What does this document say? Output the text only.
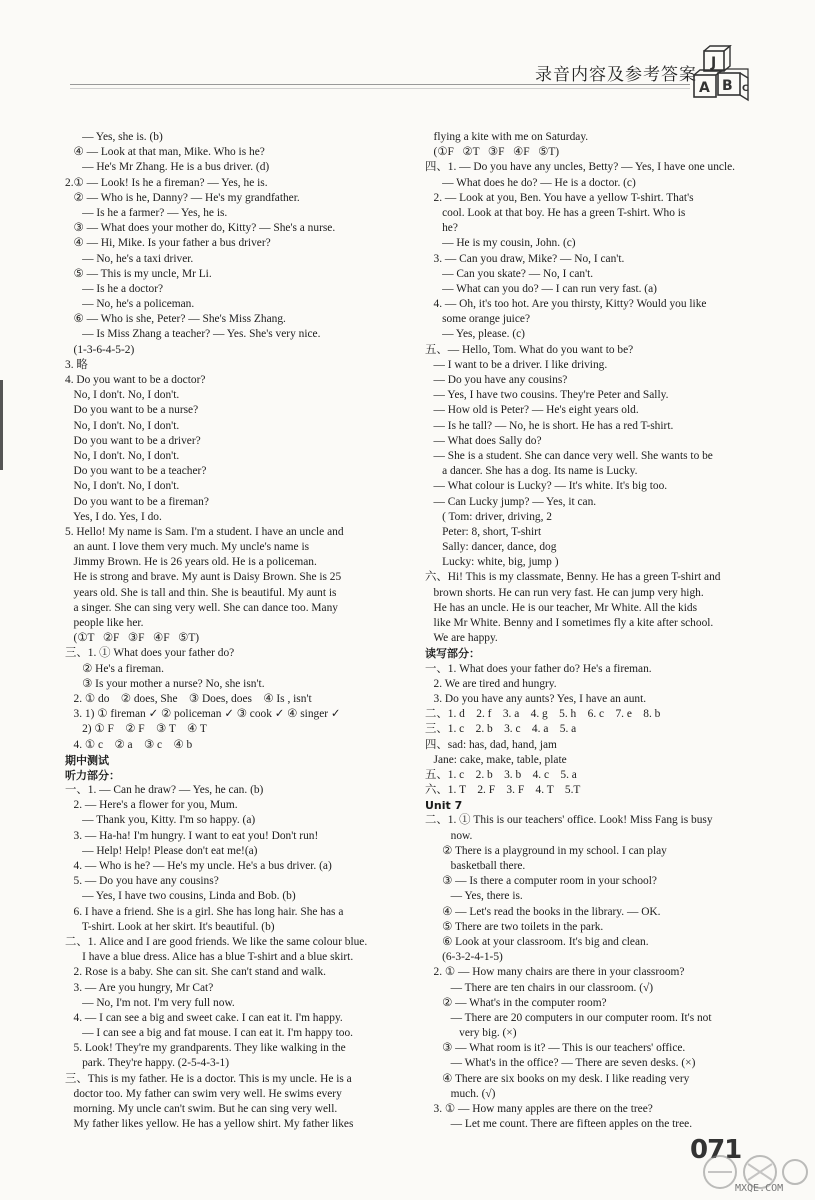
录音内容及参考答案
J
A B C
— Yes, she is. (b)
④ — Look at that man, Mike. Who is he?
— He's Mr Zhang. He is a bus driver. (d)
2.① — Look! Is he a fireman? — Yes, he is.
② — Who is he, Danny? — He's my grandfather.
— Is he a farmer? — Yes, he is.
③ — What does your mother do, Kitty? — She's a nurse.
④ — Hi, Mike. Is your father a bus driver?
— No, he's a taxi driver.
⑤ — This is my uncle, Mr Li.
— Is he a doctor?
— No, he's a policeman.
⑥ — Who is she, Peter? — She's Miss Zhang.
— Is Miss Zhang a teacher? — Yes. She's very nice.
(1-3-6-4-5-2)
3. 略
4. Do you want to be a doctor?
No, I don't. No, I don't.
Do you want to be a nurse?
No, I don't. No, I don't.
Do you want to be a driver?
No, I don't. No, I don't.
Do you want to be a teacher?
No, I don't. No, I don't.
Do you want to be a fireman?
Yes, I do. Yes, I do.
5. Hello! My name is Sam. I'm a student. I have an uncle and
an aunt. I love them very much. My uncle's name is
Jimmy Brown. He is 26 years old. He is a policeman.
He is strong and brave. My aunt is Daisy Brown. She is 25
years old. She is tall and thin. She is beautiful. My aunt is
a singer. She can sing very well. She can dance too. Many
people like her.
(①T   ②F   ③F   ④F   ⑤T)
三、1. ① What does your father do?
② He's a fireman.
③ Is your mother a nurse? No, she isn't.
2. ① do    ② does, She    ③ Does, does    ④ Is , isn't
3. 1) ① fireman ✓ ② policeman ✓ ③ cook ✓ ④ singer ✓
2) ① F    ② F    ③ T    ④ T
4. ① c    ② a    ③ c    ④ b
期中测试
听力部分：
一、1. — Can he draw? — Yes, he can. (b)
2. — Here's a flower for you, Mum.
— Thank you, Kitty. I'm so happy. (a)
3. — Ha-ha! I'm hungry. I want to eat you! Don't run!
— Help! Help! Please don't eat me!(a)
4. — Who is he? — He's my uncle. He's a bus driver. (a)
5. — Do you have any cousins?
— Yes, I have two cousins, Linda and Bob. (b)
6. I have a friend. She is a girl. She has long hair. She has a
T-shirt. Look at her skirt. It's beautiful. (b)
二、1. Alice and I are good friends. We like the same colour blue.
I have a blue dress. Alice has a blue T-shirt and a blue skirt.
2. Rose is a baby. She can sit. She can't stand and walk.
3. — Are you hungry, Mr Cat?
— No, I'm not. I'm very full now.
4. — I can see a big and sweet cake. I can eat it. I'm happy.
— I can see a big and fat mouse. I can eat it. I'm happy too.
5. Look! They're my grandparents. They like walking in the
park. They're happy. (2-5-4-3-1)
三、This is my father. He is a doctor. This is my uncle. He is a
doctor too. My father can swim very well. He swims every
morning. My uncle can't swim. But he can sing very well.
My father likes yellow. He has a yellow shirt. My father likes
flying a kite with me on Saturday.
(①F   ②T   ③F   ④F   ⑤T)
四、1. — Do you have any uncles, Betty? — Yes, I have one uncle.
— What does he do? — He is a doctor. (c)
2. — Look at you, Ben. You have a yellow T-shirt. That's
cool. Look at that boy. He has a green T-shirt. Who is
he?
— He is my cousin, John. (c)
3. — Can you draw, Mike? — No, I can't.
— Can you skate? — No, I can't.
— What can you do? — I can run very fast. (a)
4. — Oh, it's too hot. Are you thirsty, Kitty? Would you like
some orange juice?
— Yes, please. (c)
五、— Hello, Tom. What do you want to be?
— I want to be a driver. I like driving.
— Do you have any cousins?
— Yes, I have two cousins. They're Peter and Sally.
— How old is Peter? — He's eight years old.
— Is he tall? — No, he is short. He has a red T-shirt.
— What does Sally do?
— She is a student. She can dance very well. She wants to be
a dancer. She has a dog. Its name is Lucky.
— What colour is Lucky? — It's white. It's big too.
— Can Lucky jump? — Yes, it can.
( Tom: driver, driving, 2
Peter: 8, short, T-shirt
Sally: dancer, dance, dog
Lucky: white, big, jump )
六、Hi! This is my classmate, Benny. He has a green T-shirt and
brown shorts. He can run very fast. He can jump very high.
He has an uncle. He is our teacher, Mr White. All the kids
like Mr White. Benny and I sometimes fly a kite after school.
We are happy.
读写部分：
一、1. What does your father do? He's a fireman.
2. We are tired and hungry.
3. Do you have any aunts? Yes, I have an aunt.
二、1. d    2. f    3. a    4. g    5. h    6. c    7. e    8. b
三、1. c    2. b    3. c    4. a    5. a
四、sad: has, dad, hand, jam
Jane: cake, make, table, plate
五、1. c    2. b    3. b    4. c    5. a
六、1. T    2. F    3. F    4. T    5.T
Unit 7
二、1. ① This is our teachers' office. Look! Miss Fang is busy
now.
② There is a playground in my school. I can play
basketball there.
③ — Is there a computer room in your school?
— Yes, there is.
④ — Let's read the books in the library. — OK.
⑤ There are two toilets in the park.
⑥ Look at your classroom. It's big and clean.
(6-3-2-4-1-5)
2. ① — How many chairs are there in your classroom?
— There are ten chairs in our classroom. (√)
② — What's in the computer room?
— There are 20 computers in our computer room. It's not
very big. (×)
③ — What room is it? — This is our teachers' office.
— What's in the office? — There are seven desks. (×)
④ There are six books on my desk. I like reading very
much. (√)
3. ① — How many apples are there on the tree?
— Let me count. There are fifteen apples on the tree.
071
MXQE.COM
